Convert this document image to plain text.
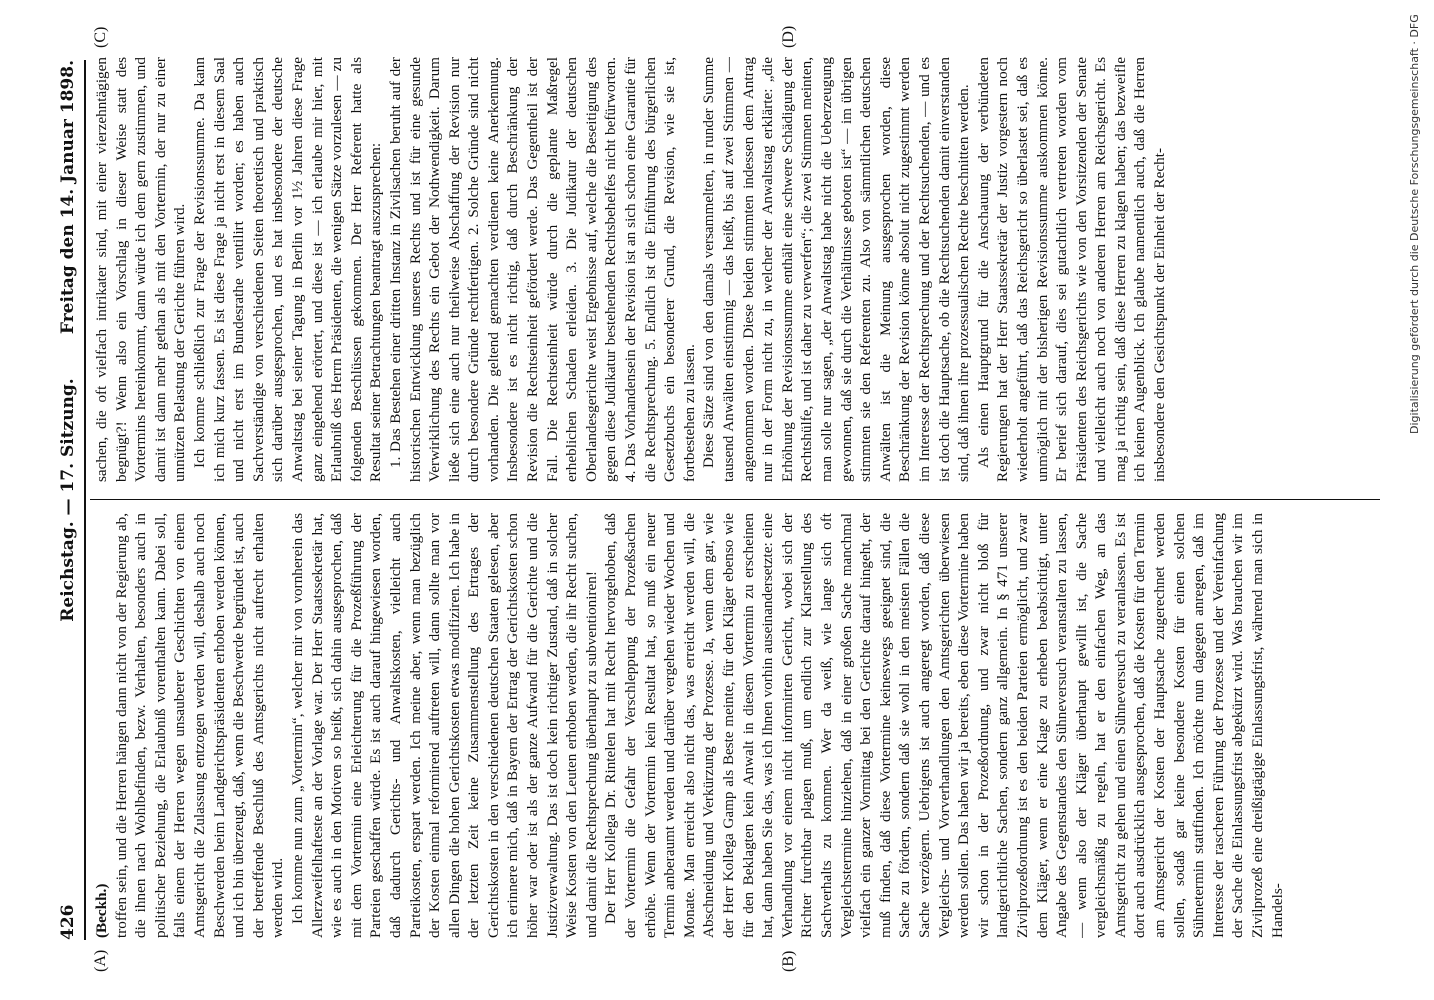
426
Reichstag. — 17. Sitzung.
Freitag den 14. Januar 1898.
(A)	(B)
(C)	(D)

(Beckh.) troffen sein, und die Herren hängen dann nicht von der Regierung ab, die ihnen nach Wohlbefinden, bezw. Verhalten, besonders auch in politischer Beziehung, die Erlaubniß vorenthalten kann. Dabei soll, falls einem der Herren wegen unsauberer Geschichten von einem Amtsgericht die Zulassung entzogen werden will, deshalb auch noch Beschwerden beim Landgerichtspräsidenten erhoben werden können, und ich bin überzeugt, daß, wenn die Beschwerde begründet ist, auch der betreffende Beschluß des Amtsgerichts nicht aufrecht erhalten werden wird. Ich komme nun zum „Vortermin“, welcher mir von vornherein das Allerzweifelhafteste an der Vorlage war. Der Herr Staatssekretär hat, wie es auch in den Motiven so heißt, sich dahin ausgesprochen, daß mit dem Vortermin eine Erleichterung für die Prozeßführung der Parteien geschaffen würde. Es ist auch darauf hingewiesen worden, daß dadurch Gerichts- und Anwaltskosten, vielleicht auch Parteikosten, erspart werden. Ich meine aber, wenn man bezüglich der Kosten einmal reformirend auftreten will, dann sollte man vor allen Dingen die hohen Gerichtskosten etwas modifiziren. Ich habe in der letzten Zeit keine Zusammenstellung des Ertrages der Gerichtskosten in den verschiedenen deutschen Staaten gelesen, aber ich erinnere mich, daß in Bayern der Ertrag der Gerichtskosten schon höher war oder ist als der ganze Aufwand für die Gerichte und die Justizverwaltung. Das ist doch kein richtiger Zustand, daß in solcher Weise Kosten von den Leuten erhoben werden, die ihr Recht suchen, und damit die Rechtsprechung überhaupt zu subventioniren! Der Herr Kollega Dr. Rintelen hat mit Recht hervorgehoben, daß der Vortermin die Gefahr der Verschleppung der Prozeßsachen erhöhe. Wenn der Vortermin kein Resultat hat, so muß ein neuer Termin anberaumt werden und darüber vergehen wieder Wochen und Monate. Man erreicht also nicht das, was erreicht werden will, die Abschneidung und Verkürzung der Prozesse. Ja, wenn dem gar, wie der Herr Kollega Gamp als Beste meinte, für den Kläger ebenso wie für den Beklagten kein Anwalt in diesem Vortermin zu erscheinen hat, dann haben Sie das, was ich Ihnen vorhin auseinandersetzte: eine Verhandlung vor einem nicht informirten Gericht, wobei sich der Richter furchtbar plagen muß, um endlich zur Klarstellung des Sachverhalts zu kommen. Wer da weiß, wie lange sich oft Vergleichstermine hinziehen, daß in einer großen Sache manchmal vielfach ein ganzer Vormittag bei den Gerichte darauf hingeht, der muß finden, daß diese Vortermine keineswegs geeignet sind, die Sache zu fördern, sondern daß sie wohl in den meisten Fällen die Sache verzögern. Uebrigens ist auch angeregt worden, daß diese Vergleichs- und Vorverhandlungen den Amtsgerichten überwiesen werden sollen. Das haben wir ja bereits, eben diese Vortermine haben wir schon in der Prozeßordnung, und zwar nicht bloß für landgerichtliche Sachen, sondern ganz allgemein. In § 471 unserer Zivilprozeßordnung ist es den beiden Parteien ermöglicht, und zwar dem Kläger, wenn er eine Klage zu erheben beabsichtigt, unter Angabe des Gegenstandes den Sühneversuch veranstalten zu lassen, — wenn also der Kläger überhaupt gewillt ist, die Sache vergleichsmäßig zu regeln, hat er den einfachen Weg, an das Amtsgericht zu gehen und einen Sühneversuch zu veranlassen. Es ist dort auch ausdrücklich ausgesprochen, daß die Kosten für den Termin am Amtsgericht der Kosten der Hauptsache zugerechnet werden sollen, sodaß gar keine besondere Kosten für einen solchen Sühnetermin stattfinden. Ich möchte nun dagegen anregen, daß im Interesse der rascheren Führung der Prozesse und der Vereinfachung der Sache die Einlassungsfrist abgekürzt wird. Was brauchen wir im Zivilprozeß eine dreißigtägige Einlassungsfrist, während man sich in Handels-

sachen, die oft vielfach intrikater sind, mit einer vierzehntägigen begnügt?! Wenn also ein Vorschlag in dieser Weise statt des Vortermins hereinkommt, dann würde ich dem gern zustimmen, und damit ist dann mehr gethan als mit den Vortermin, der nur zu einer unnützen Belastung der Gerichte führen wird. Ich komme schließlich zur Frage der Revisionssumme. Da kann ich mich kurz fassen. Es ist diese Frage ja nicht erst in diesem Saal und nicht erst im Bundesrathe ventilirt worden; es haben auch Sachverständige von verschiedenen Seiten theoretisch und praktisch sich darüber ausgesprochen, und es hat insbesondere der deutsche Anwaltstag bei seiner Tagung in Berlin vor 1½ Jahren diese Frage ganz eingehend erörtert, und diese ist — ich erlaube mir hier, mit Erlaubniß des Herrn Präsidenten, die wenigen Sätze vorzulesen — zu folgenden Beschlüssen gekommen. Der Herr Referent hatte als Resultat seiner Betrachtungen beantragt auszusprechen: 1. Das Bestehen einer dritten Instanz in Zivilsachen beruht auf der historischen Entwicklung unseres Rechts und ist für eine gesunde Verwirklichung des Rechts ein Gebot der Nothwendigkeit. Darum ließe sich eine auch nur theilweise Abschaffung der Revision nur durch besondere Gründe rechtfertigen. 2. Solche Gründe sind nicht vorhanden. Die geltend gemachten verdienen keine Anerkennung. Insbesondere ist es nicht richtig, daß durch Beschränkung der Revision die Rechtseinheit gefördert werde. Das Gegentheil ist der Fall. Die Rechtseinheit würde durch die geplante Maßregel erheblichen Schaden erleiden. 3. Die Judikatur der deutschen Oberlandesgerichte weist Ergebnisse auf, welche die Beseitigung des gegen diese Judikatur bestehenden Rechtsbehelfes nicht befürworten. 4. Das Vorhandensein der Revision ist an sich schon eine Garantie für die Rechtsprechung. 5. Endlich ist die Einführung des bürgerlichen Gesetzbuchs ein besonderer Grund, die Revision, wie sie ist, fortbestehen zu lassen. Diese Sätze sind von den damals versammelten, in runder Summe tausend Anwälten einstimmig — das heißt, bis auf zwei Stimmen — angenommen worden. Diese beiden stimmten indessen dem Antrag nur in der Form nicht zu, in welcher der Anwaltstag erklärte: „die Erhöhung der Revisionssumme enthält eine schwere Schädigung der Rechtshülfe, und ist daher zu verwerfen“; die zwei Stimmen meinten, man solle nur sagen, „der Anwaltstag habe nicht die Ueberzeugung gewonnen, daß sie durch die Verhältnisse geboten ist“ — im übrigen stimmten sie den Referenten zu. Also von sämmtlichen deutschen Anwälten ist die Meinung ausgesprochen worden, diese Beschränkung der Revision könne absolut nicht zugestimmt werden im Interesse der Rechtsprechung und der Rechtsuchenden, — und es ist doch die Hauptsache, ob die Rechtsuchenden damit einverstanden sind, daß ihnen ihre prozessualischen Rechte beschnitten werden. Als einen Hauptgrund für die Anschauung der verbündeten Regierungen hat der Herr Staatssekretär der Justiz vorgestern noch wiederholt angeführt, daß das Reichsgericht so überlastet sei, daß es unmöglich mit der bisherigen Revisionssumme auskommen könne. Er berief sich darauf, dies sei gutachtlich vertreten worden vom Präsidenten des Reichsgerichts wie von den Vorsitzenden der Senate und vielleicht auch noch von anderen Herren am Reichsgericht. Es mag ja richtig sein, daß diese Herren zu klagen haben; das bezweifle ich keinen Augenblick. Ich glaube namentlich auch, daß die Herren insbesondere den Gesichtspunkt der Einheit der Recht-	Digitalisierung gefördert durch die Deutsche Forschungsgemeinschaft · DFG
